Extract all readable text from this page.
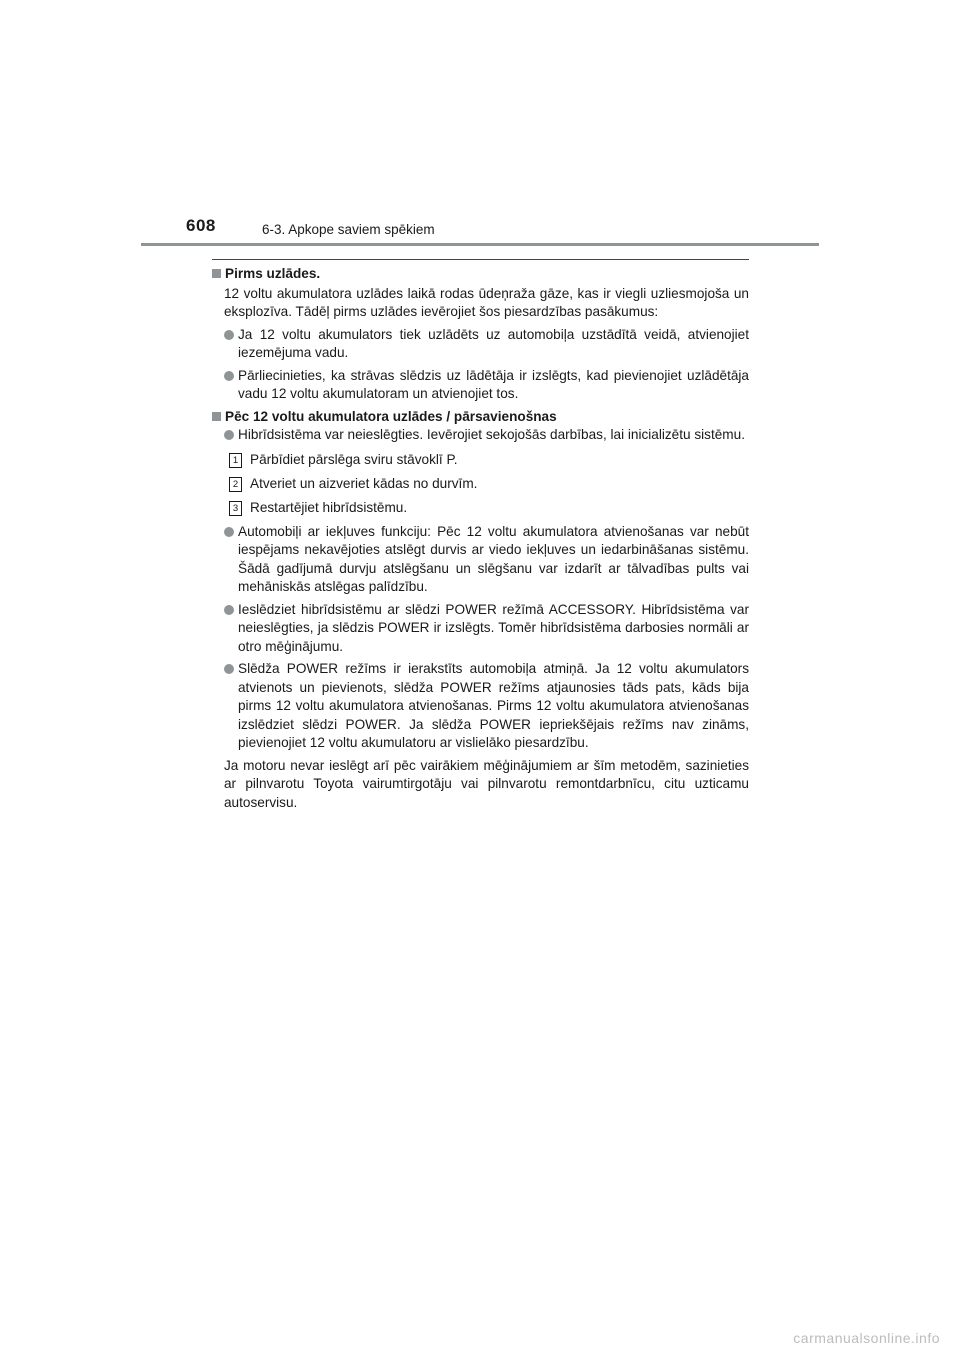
608	6-3. Apkope saviem spēkiem
Pirms uzlādes.
12 voltu akumulatora uzlādes laikā rodas ūdeņraža gāze, kas ir viegli uzliesmojoša un eksplozīva. Tādēļ pirms uzlādes ievērojiet šos piesardzības pasākumus:
Ja 12 voltu akumulators tiek uzlādēts uz automobiļa uzstādītā veidā, atvienojiet iezemējuma vadu.
Pārliecinieties, ka strāvas slēdzis uz lādētāja ir izslēgts, kad pievienojiet uzlādētāja vadu 12 voltu akumulatoram un atvienojiet tos.
Pēc 12 voltu akumulatora uzlādes / pārsavienošnas
Hibrīdsistēma var neieslēgties. Ievērojiet sekojošās darbības, lai inicializētu sistēmu.
1 Pārbīdiet pārslēga sviru stāvoklī P.
2 Atveriet un aizveriet kādas no durvīm.
3 Restartējiet hibrīdsistēmu.
Automobiļi ar iekļuves funkciju: Pēc 12 voltu akumulatora atvienošanas var nebūt iespējams nekavējoties atslēgt durvis ar viedo iekļuves un iedarbināšanas sistēmu. Šādā gadījumā durvju atslēgšanu un slēgšanu var izdarīt ar tālvadības pults vai mehāniskās atslēgas palīdzību.
Ieslēdziet hibrīdsistēmu ar slēdzi POWER režīmā ACCESSORY. Hibrīdsistēma var neieslēgties, ja slēdzis POWER ir izslēgts. Tomēr hibrīdsistēma darbosies normāli ar otro mēģinājumu.
Slēdža POWER režīms ir ierakstīts automobiļa atmiņā. Ja 12 voltu akumulators atvienots un pievienots, slēdža POWER režīms atjaunosies tāds pats, kāds bija pirms 12 voltu akumulatora atvienošanas. Pirms 12 voltu akumulatora atvienošanas izslēdziet slēdzi POWER. Ja slēdža POWER iepriekšējais režīms nav zināms, pievienojiet 12 voltu akumulatoru ar vislielāko piesardzību.
Ja motoru nevar ieslēgt arī pēc vairākiem mēģinājumiem ar šīm metodēm, sazinieties ar pilnvarotu Toyota vairumtirgotāju vai pilnvarotu remontdarbnīcu, citu uzticamu autoservisu.
carmanualsonline.info
